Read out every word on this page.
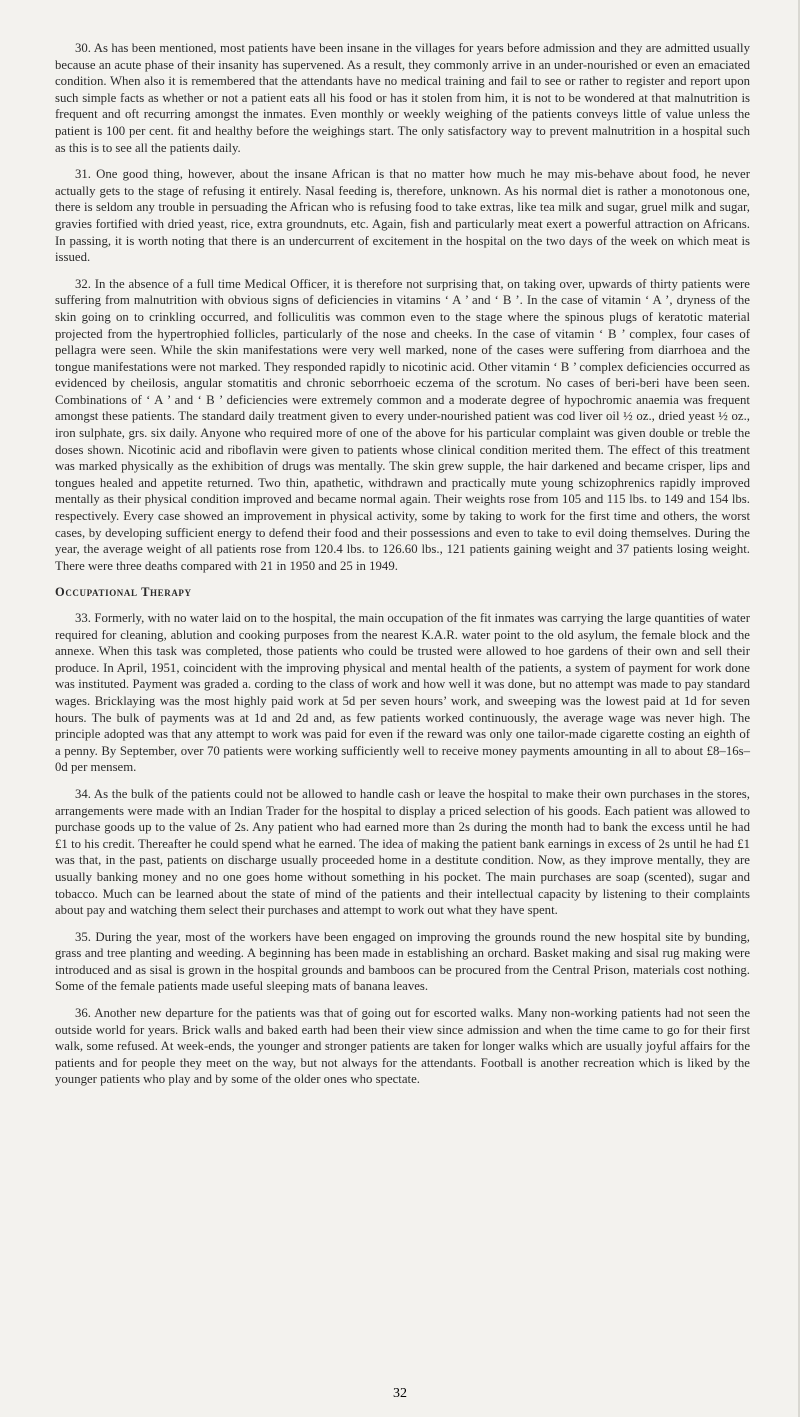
30. As has been mentioned, most patients have been insane in the villages for years before admission and they are admitted usually because an acute phase of their insanity has supervened. As a result, they commonly arrive in an under-nourished or even an emaciated condition. When also it is remembered that the attendants have no medical training and fail to see or rather to register and report upon such simple facts as whether or not a patient eats all his food or has it stolen from him, it is not to be wondered at that malnutrition is frequent and oft recurring amongst the inmates. Even monthly or weekly weighing of the patients conveys little of value unless the patient is 100 per cent. fit and healthy before the weighings start. The only satisfactory way to prevent malnutrition in a hospital such as this is to see all the patients daily.

31. One good thing, however, about the insane African is that no matter how much he may mis-behave about food, he never actually gets to the stage of refusing it entirely. Nasal feeding is, therefore, unknown. As his normal diet is rather a monotonous one, there is seldom any trouble in persuading the African who is refusing food to take extras, like tea milk and sugar, gruel milk and sugar, gravies fortified with dried yeast, rice, extra groundnuts, etc. Again, fish and particularly meat exert a powerful attraction on Africans. In passing, it is worth noting that there is an undercurrent of excitement in the hospital on the two days of the week on which meat is issued.

32. In the absence of a full time Medical Officer, it is therefore not surprising that, on taking over, upwards of thirty patients were suffering from malnutrition with obvious signs of deficiencies in vitamins ‘ A ’ and ‘ B ’. In the case of vitamin ‘ A ’, dryness of the skin going on to crinkling occurred, and folliculitis was common even to the stage where the spinous plugs of keratotic material projected from the hypertrophied follicles, particularly of the nose and cheeks. In the case of vitamin ‘ B ’ complex, four cases of pellagra were seen. While the skin manifestations were very well marked, none of the cases were suffering from diarrhoea and the tongue manifestations were not marked. They responded rapidly to nicotinic acid. Other vitamin ‘ B ’ complex deficiencies occurred as evidenced by cheilosis, angular stomatitis and chronic seborrhoeic eczema of the scrotum. No cases of beri-beri have been seen. Combinations of ‘ A ’ and ‘ B ’ deficiencies were extremely common and a moderate degree of hypochromic anaemia was frequent amongst these patients. The standard daily treatment given to every under-nourished patient was cod liver oil ½ oz., dried yeast ½ oz., iron sulphate, grs. six daily. Anyone who required more of one of the above for his particular complaint was given double or treble the doses shown. Nicotinic acid and riboflavin were given to patients whose clinical condition merited them. The effect of this treatment was marked physically as the exhibition of drugs was mentally. The skin grew supple, the hair darkened and became crisper, lips and tongues healed and appetite returned. Two thin, apathetic, withdrawn and practically mute young schizophrenics rapidly improved mentally as their physical condition improved and became normal again. Their weights rose from 105 and 115 lbs. to 149 and 154 lbs. respectively. Every case showed an improvement in physical activity, some by taking to work for the first time and others, the worst cases, by developing sufficient energy to defend their food and their possessions and even to take to evil doing themselves. During the year, the average weight of all patients rose from 120.4 lbs. to 126.60 lbs., 121 patients gaining weight and 37 patients losing weight. There were three deaths compared with 21 in 1950 and 25 in 1949.

Occupational Therapy

33. Formerly, with no water laid on to the hospital, the main occupation of the fit inmates was carrying the large quantities of water required for cleaning, ablution and cooking purposes from the nearest K.A.R. water point to the old asylum, the female block and the annexe. When this task was completed, those patients who could be trusted were allowed to hoe gardens of their own and sell their produce. In April, 1951, coincident with the improving physical and mental health of the patients, a system of payment for work done was instituted. Payment was graded a. cording to the class of work and how well it was done, but no attempt was made to pay standard wages. Bricklaying was the most highly paid work at 5d per seven hours’ work, and sweeping was the lowest paid at 1d for seven hours. The bulk of payments was at 1d and 2d and, as few patients worked continuously, the average wage was never high. The principle adopted was that any attempt to work was paid for even if the reward was only one tailor-made cigarette costing an eighth of a penny. By September, over 70 patients were working sufficiently well to receive money payments amounting in all to about £8–16s–0d per mensem.

34. As the bulk of the patients could not be allowed to handle cash or leave the hospital to make their own purchases in the stores, arrangements were made with an Indian Trader for the hospital to display a priced selection of his goods. Each patient was allowed to purchase goods up to the value of 2s. Any patient who had earned more than 2s during the month had to bank the excess until he had £1 to his credit. Thereafter he could spend what he earned. The idea of making the patient bank earnings in excess of 2s until he had £1 was that, in the past, patients on discharge usually proceeded home in a destitute condition. Now, as they improve mentally, they are usually banking money and no one goes home without something in his pocket. The main purchases are soap (scented), sugar and tobacco. Much can be learned about the state of mind of the patients and their intellectual capacity by listening to their complaints about pay and watching them select their purchases and attempt to work out what they have spent.

35. During the year, most of the workers have been engaged on improving the grounds round the new hospital site by bunding, grass and tree planting and weeding. A beginning has been made in establishing an orchard. Basket making and sisal rug making were introduced and as sisal is grown in the hospital grounds and bamboos can be procured from the Central Prison, materials cost nothing. Some of the female patients made useful sleeping mats of banana leaves.

36. Another new departure for the patients was that of going out for escorted walks. Many non-working patients had not seen the outside world for years. Brick walls and baked earth had been their view since admission and when the time came to go for their first walk, some refused. At week-ends, the younger and stronger patients are taken for longer walks which are usually joyful affairs for the patients and for people they meet on the way, but not always for the attendants. Football is another recreation which is liked by the younger patients who play and by some of the older ones who spectate.

32
